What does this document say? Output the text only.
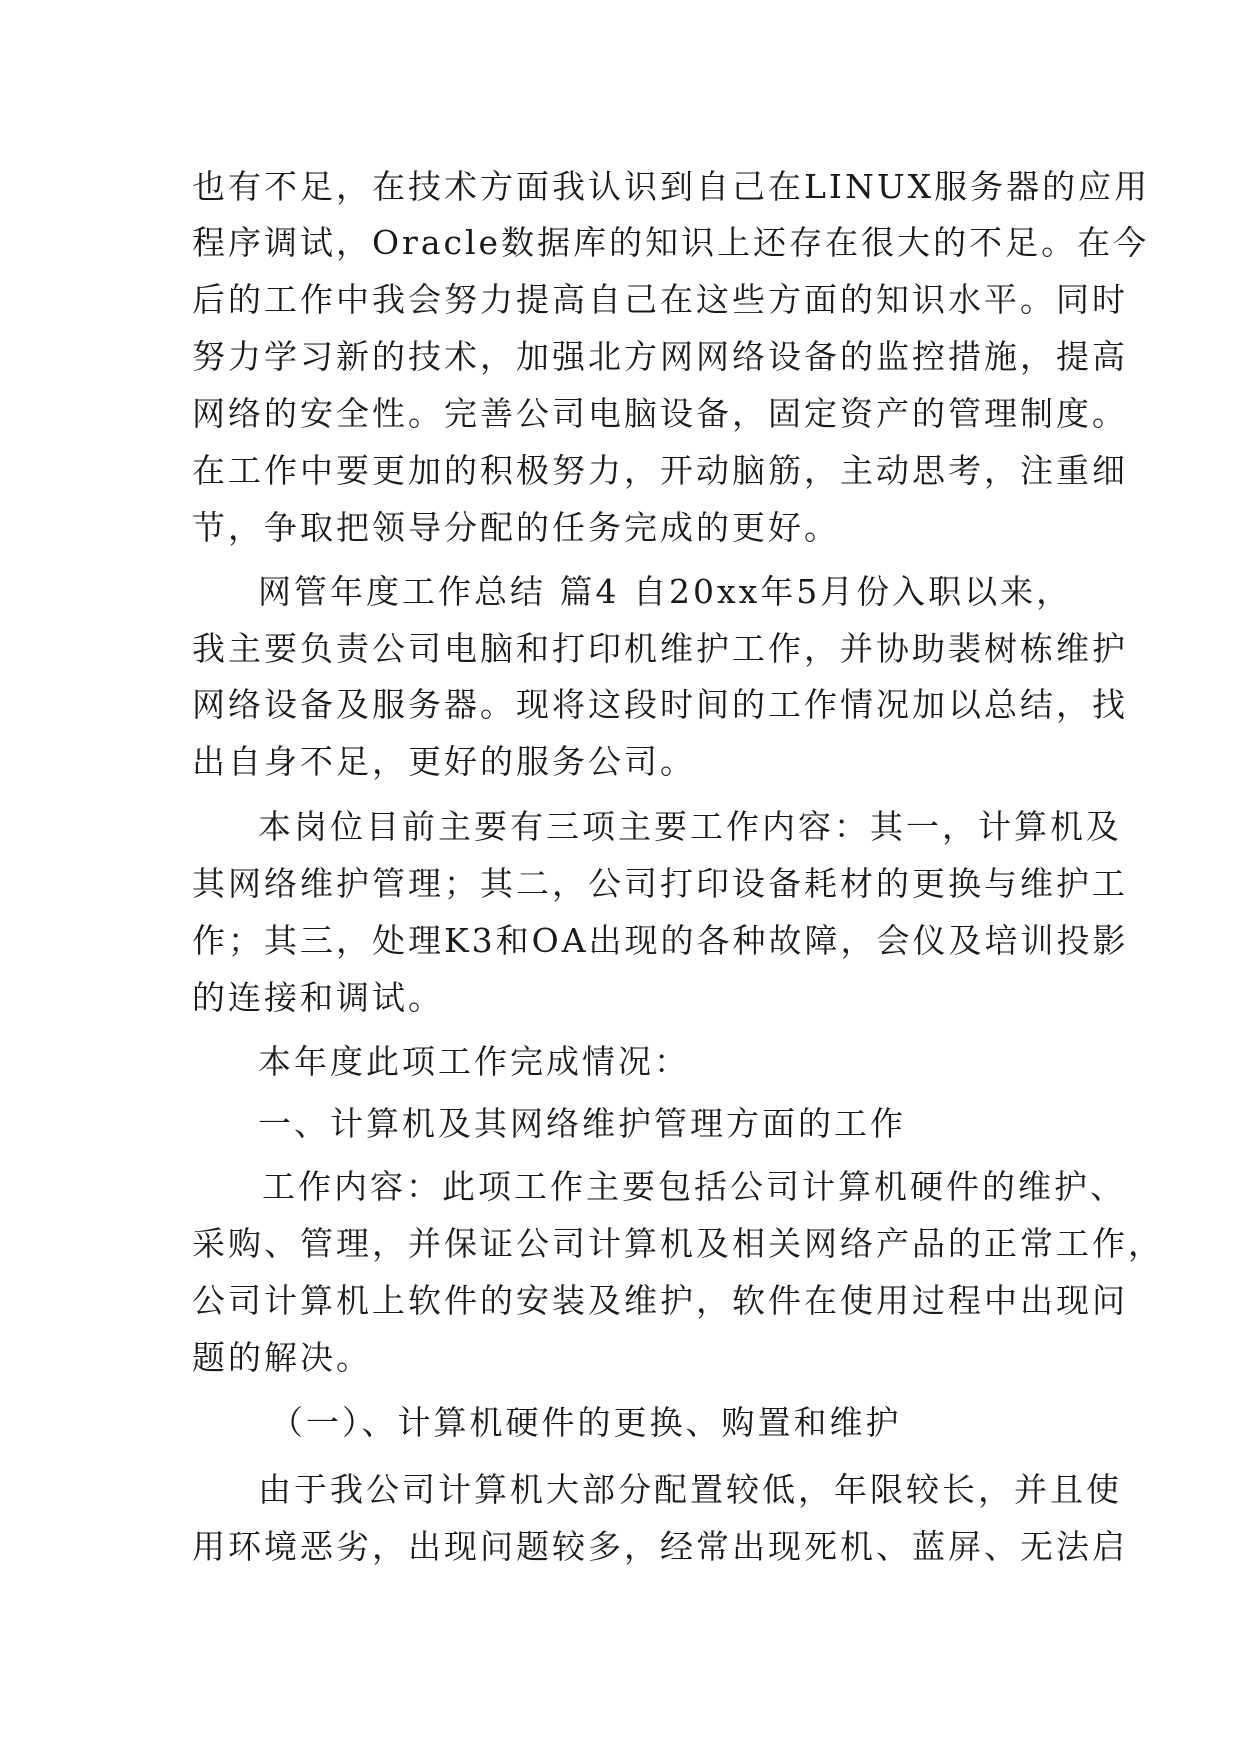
也有不足，在技术方面我认识到自己在LINUX服务器的应用
程序调试，Oracle数据库的知识上还存在很大的不足。在今
后的工作中我会努力提高自己在这些方面的知识水平。同时
努力学习新的技术，加强北方网网络设备的监控措施，提高
网络的安全性。完善公司电脑设备，固定资产的管理制度。
在工作中要更加的积极努力，开动脑筋，主动思考，注重细
节，争取把领导分配的任务完成的更好。
网管年度工作总结 篇4 自20xx年5月份入职以来，
我主要负责公司电脑和打印机维护工作，并协助裴树栋维护
网络设备及服务器。现将这段时间的工作情况加以总结，找
出自身不足，更好的服务公司。
本岗位目前主要有三项主要工作内容：其一，计算机及
其网络维护管理；其二，公司打印设备耗材的更换与维护工
作；其三，处理K3和OA出现的各种故障，会仪及培训投影
的连接和调试。
本年度此项工作完成情况：
一、计算机及其网络维护管理方面的工作
工作内容：此项工作主要包括公司计算机硬件的维护、
采购、管理，并保证公司计算机及相关网络产品的正常工作，
公司计算机上软件的安装及维护，软件在使用过程中出现问
题的解决。
（一）、计算机硬件的更换、购置和维护
由于我公司计算机大部分配置较低，年限较长，并且使
用环境恶劣，出现问题较多，经常出现死机、蓝屏、无法启
